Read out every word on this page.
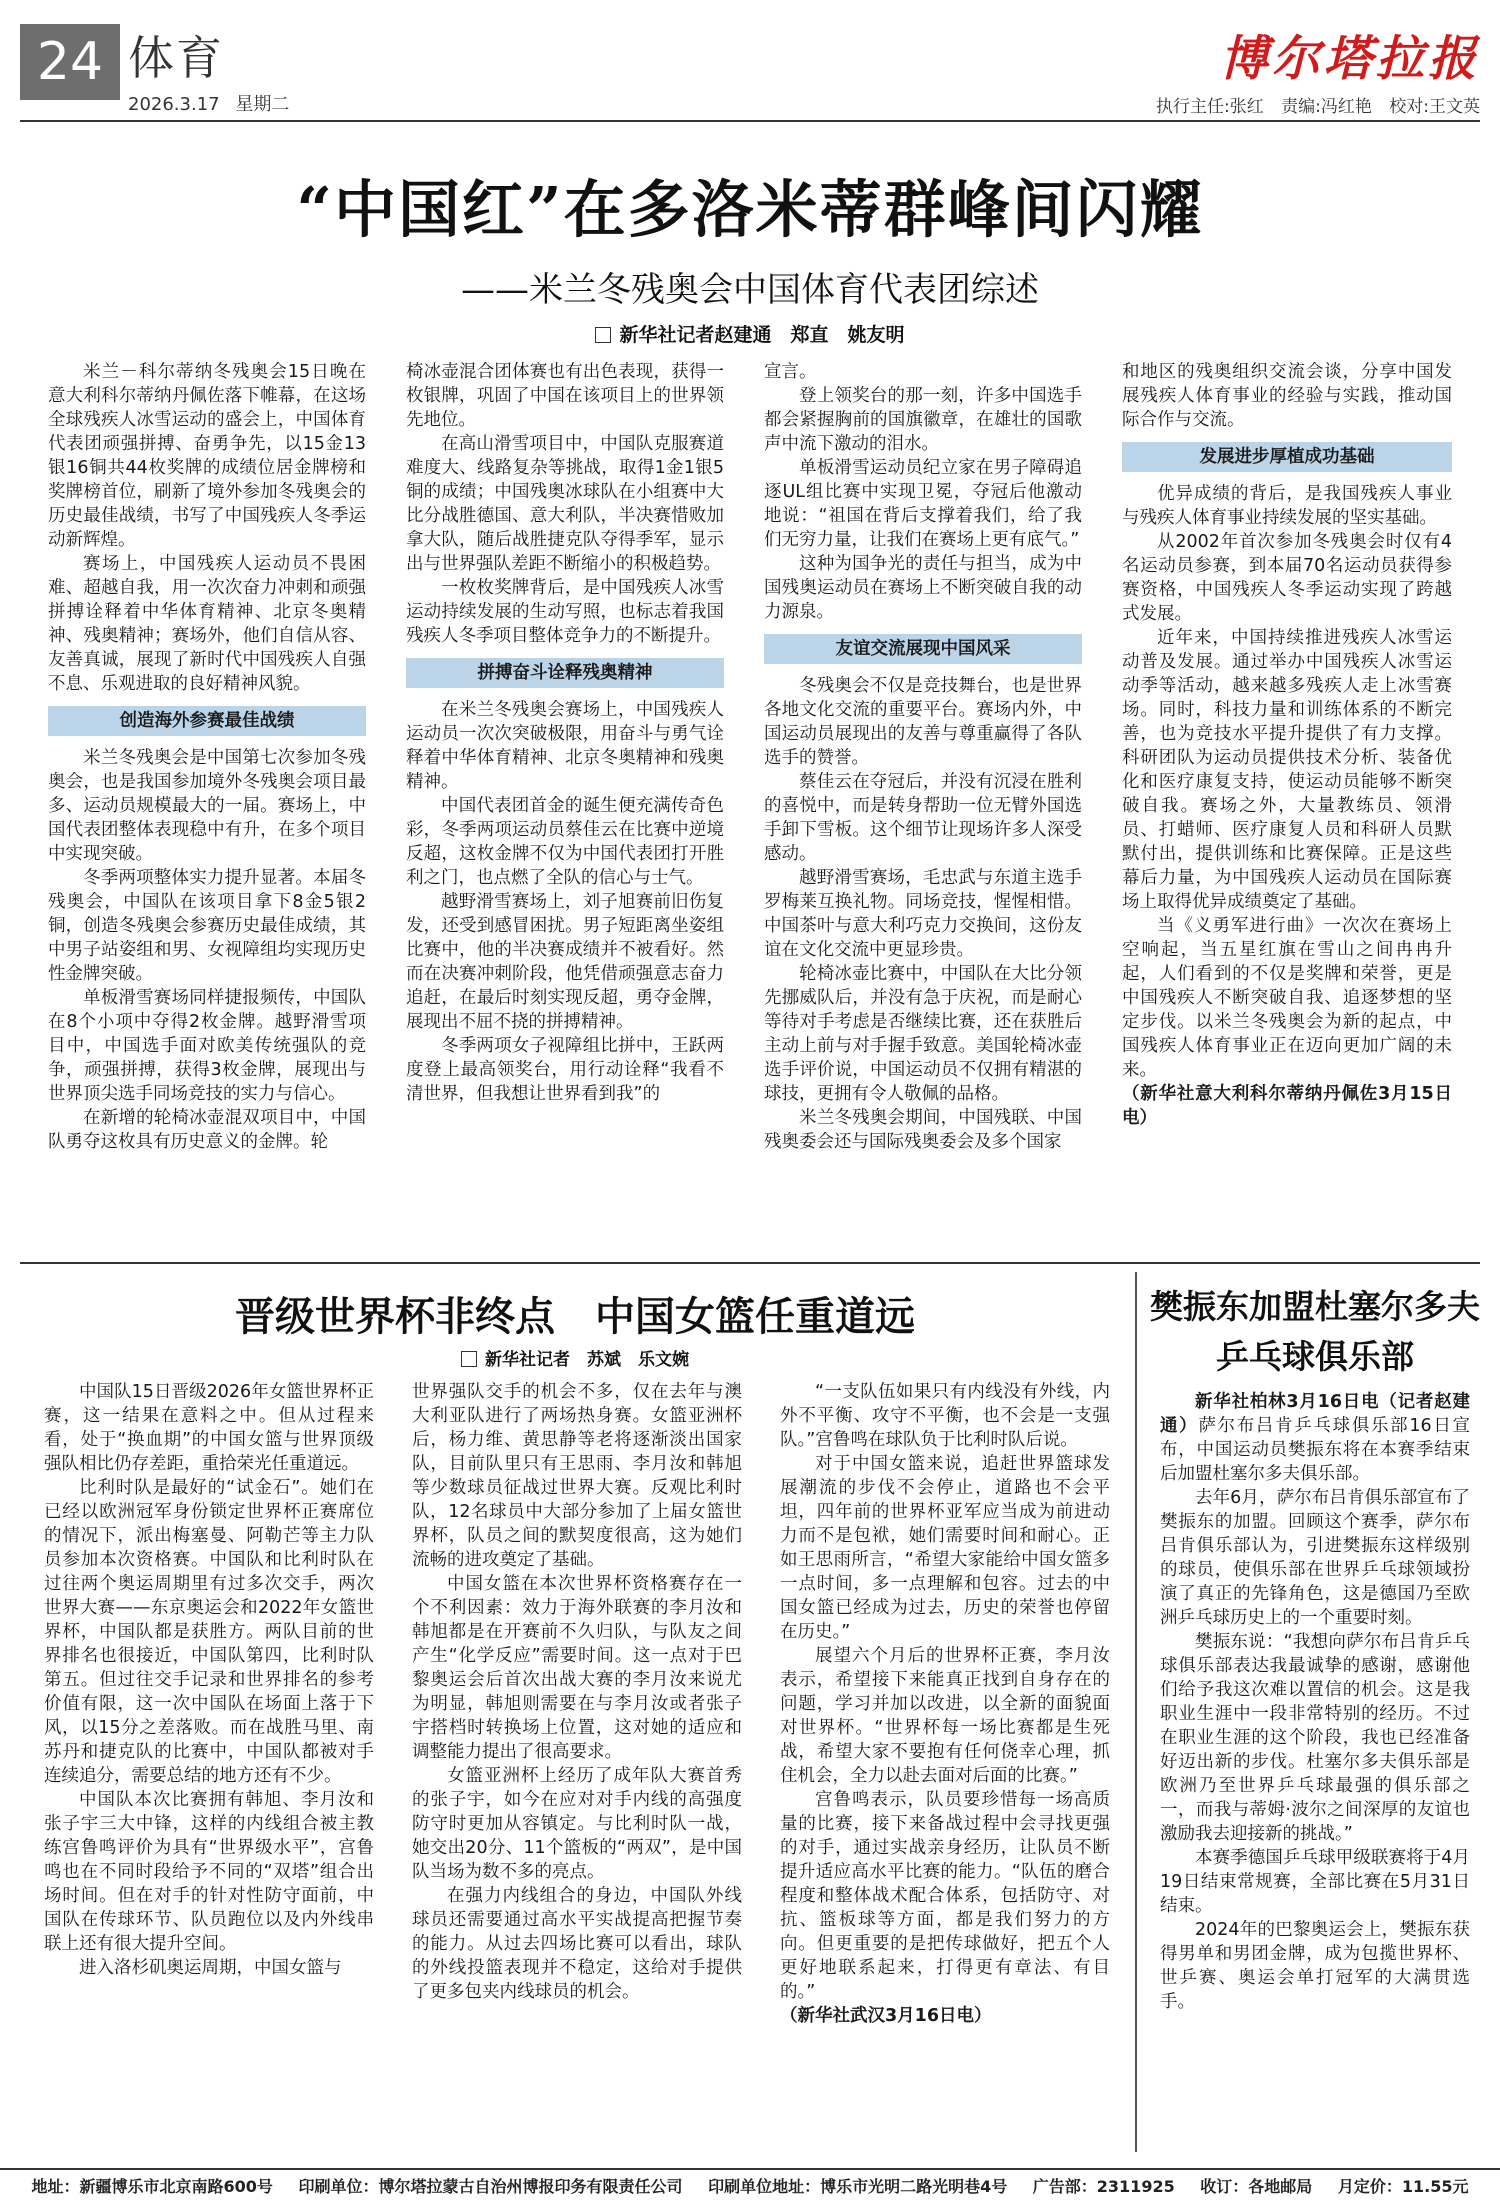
24 体育
2026.3.17 星期二
博尔塔拉报
执行主任:张红 责编:冯红艳 校对:王文英
“中国红”在多洛米蒂群峰间闪耀
——米兰冬残奥会中国体育代表团综述
新华社记者赵建通　郑直　姚友明

米兰－科尔蒂纳冬残奥会15日晚在意大利科尔蒂纳丹佩佐落下帷幕，在这场全球残疾人冰雪运动的盛会上，中国体育代表团顽强拼搏、奋勇争先，以15金13银16铜共44枚奖牌的成绩位居金牌榜和奖牌榜首位，刷新了境外参加冬残奥会的历史最佳战绩，书写了中国残疾人冬季运动新辉煌。

赛场上，中国残疾人运动员不畏困难、超越自我，用一次次奋力冲刺和顽强拼搏诠释着中华体育精神、北京冬奥精神、残奥精神；赛场外，他们自信从容、友善真诚，展现了新时代中国残疾人自强不息、乐观进取的良好精神风貌。

创造海外参赛最佳战绩

米兰冬残奥会是中国第七次参加冬残奥会，也是我国参加境外冬残奥会项目最多、运动员规模最大的一届。赛场上，中国代表团整体表现稳中有升，在多个项目中实现突破。

冬季两项整体实力提升显著。本届冬残奥会，中国队在该项目拿下8金5银2铜，创造冬残奥会参赛历史最佳成绩，其中男子站姿组和男、女视障组均实现历史性金牌突破。

单板滑雪赛场同样捷报频传，中国队在8个小项中夺得2枚金牌。越野滑雪项目中，中国选手面对欧美传统强队的竞争，顽强拼搏，获得3枚金牌，展现出与世界顶尖选手同场竞技的实力与信心。

在新增的轮椅冰壶混双项目中，中国队勇夺这枚具有历史意义的金牌。轮

椅冰壶混合团体赛也有出色表现，获得一枚银牌，巩固了中国在该项目上的世界领先地位。

在高山滑雪项目中，中国队克服赛道难度大、线路复杂等挑战，取得1金1银5铜的成绩；中国残奥冰球队在小组赛中大比分战胜德国、意大利队，半决赛惜败加拿大队，随后战胜捷克队夺得季军，显示出与世界强队差距不断缩小的积极趋势。

一枚枚奖牌背后，是中国残疾人冰雪运动持续发展的生动写照，也标志着我国残疾人冬季项目整体竞争力的不断提升。

拼搏奋斗诠释残奥精神

在米兰冬残奥会赛场上，中国残疾人运动员一次次突破极限，用奋斗与勇气诠释着中华体育精神、北京冬奥精神和残奥精神。

中国代表团首金的诞生便充满传奇色彩，冬季两项运动员蔡佳云在比赛中逆境反超，这枚金牌不仅为中国代表团打开胜利之门，也点燃了全队的信心与士气。

越野滑雪赛场上，刘子旭赛前旧伤复发，还受到感冒困扰。男子短距离坐姿组比赛中，他的半决赛成绩并不被看好。然而在决赛冲刺阶段，他凭借顽强意志奋力追赶，在最后时刻实现反超，勇夺金牌，展现出不屈不挠的拼搏精神。

冬季两项女子视障组比拼中，王跃两度登上最高领奖台，用行动诠释“我看不清世界，但我想让世界看到我”的

宣言。

登上领奖台的那一刻，许多中国选手都会紧握胸前的国旗徽章，在雄壮的国歌声中流下激动的泪水。

单板滑雪运动员纪立家在男子障碍追逐UL组比赛中实现卫冕，夺冠后他激动地说：“祖国在背后支撑着我们，给了我们无穷力量，让我们在赛场上更有底气。”

这种为国争光的责任与担当，成为中国残奥运动员在赛场上不断突破自我的动力源泉。

友谊交流展现中国风采

冬残奥会不仅是竞技舞台，也是世界各地文化交流的重要平台。赛场内外，中国运动员展现出的友善与尊重赢得了各队选手的赞誉。

蔡佳云在夺冠后，并没有沉浸在胜利的喜悦中，而是转身帮助一位无臂外国选手卸下雪板。这个细节让现场许多人深受感动。

越野滑雪赛场，毛忠武与东道主选手罗梅莱互换礼物。同场竞技，惺惺相惜。中国茶叶与意大利巧克力交换间，这份友谊在文化交流中更显珍贵。

轮椅冰壶比赛中，中国队在大比分领先挪威队后，并没有急于庆祝，而是耐心等待对手考虑是否继续比赛，还在获胜后主动上前与对手握手致意。美国轮椅冰壶选手评价说，中国运动员不仅拥有精湛的球技，更拥有令人敬佩的品格。

米兰冬残奥会期间，中国残联、中国残奥委会还与国际残奥委会及多个国家

和地区的残奥组织交流会谈，分享中国发展残疾人体育事业的经验与实践，推动国际合作与交流。

发展进步厚植成功基础

优异成绩的背后，是我国残疾人事业与残疾人体育事业持续发展的坚实基础。

从2002年首次参加冬残奥会时仅有4名运动员参赛，到本届70名运动员获得参赛资格，中国残疾人冬季运动实现了跨越式发展。

近年来，中国持续推进残疾人冰雪运动普及发展。通过举办中国残疾人冰雪运动季等活动，越来越多残疾人走上冰雪赛场。同时，科技力量和训练体系的不断完善，也为竞技水平提升提供了有力支撑。科研团队为运动员提供技术分析、装备优化和医疗康复支持，使运动员能够不断突破自我。赛场之外，大量教练员、领滑员、打蜡师、医疗康复人员和科研人员默默付出，提供训练和比赛保障。正是这些幕后力量，为中国残疾人运动员在国际赛场上取得优异成绩奠定了基础。

当《义勇军进行曲》一次次在赛场上空响起，当五星红旗在雪山之间冉冉升起，人们看到的不仅是奖牌和荣誉，更是中国残疾人不断突破自我、追逐梦想的坚定步伐。以米兰冬残奥会为新的起点，中国残疾人体育事业正在迈向更加广阔的未来。

（新华社意大利科尔蒂纳丹佩佐3月15日电）

晋级世界杯非终点　中国女篮任重道远
新华社记者　苏斌　乐文婉

中国队15日晋级2026年女篮世界杯正赛，这一结果在意料之中。但从过程来看，处于“换血期”的中国女篮与世界顶级强队相比仍存差距，重拾荣光任重道远。

比利时队是最好的“试金石”。她们在已经以欧洲冠军身份锁定世界杯正赛席位的情况下，派出梅塞曼、阿勒芒等主力队员参加本次资格赛。中国队和比利时队在过往两个奥运周期里有过多次交手，两次世界大赛——东京奥运会和2022年女篮世界杯，中国队都是获胜方。两队目前的世界排名也很接近，中国队第四，比利时队第五。但过往交手记录和世界排名的参考价值有限，这一次中国队在场面上落于下风，以15分之差落败。而在战胜马里、南苏丹和捷克队的比赛中，中国队都被对手连续追分，需要总结的地方还有不少。

中国队本次比赛拥有韩旭、李月汝和张子宇三大中锋，这样的内线组合被主教练宫鲁鸣评价为具有“世界级水平”，宫鲁鸣也在不同时段给予不同的“双塔”组合出场时间。但在对手的针对性防守面前，中国队在传球环节、队员跑位以及内外线串联上还有很大提升空间。

进入洛杉矶奥运周期，中国女篮与

世界强队交手的机会不多，仅在去年与澳大利亚队进行了两场热身赛。女篮亚洲杯后，杨力维、黄思静等老将逐渐淡出国家队，目前队里只有王思雨、李月汝和韩旭等少数球员征战过世界大赛。反观比利时队，12名球员中大部分参加了上届女篮世界杯，队员之间的默契度很高，这为她们流畅的进攻奠定了基础。

中国女篮在本次世界杯资格赛存在一个不利因素：效力于海外联赛的李月汝和韩旭都是在开赛前不久归队，与队友之间产生“化学反应”需要时间。这一点对于巴黎奥运会后首次出战大赛的李月汝来说尤为明显，韩旭则需要在与李月汝或者张子宇搭档时转换场上位置，这对她的适应和调整能力提出了很高要求。

女篮亚洲杯上经历了成年队大赛首秀的张子宇，如今在应对对手内线的高强度防守时更加从容镇定。与比利时队一战，她交出20分、11个篮板的“两双”，是中国队当场为数不多的亮点。

在强力内线组合的身边，中国队外线球员还需要通过高水平实战提高把握节奏的能力。从过去四场比赛可以看出，球队的外线投篮表现并不稳定，这给对手提供了更多包夹内线球员的机会。

“一支队伍如果只有内线没有外线，内外不平衡、攻守不平衡，也不会是一支强队。”宫鲁鸣在球队负于比利时队后说。

对于中国女篮来说，追赶世界篮球发展潮流的步伐不会停止，道路也不会平坦，四年前的世界杯亚军应当成为前进动力而不是包袱，她们需要时间和耐心。正如王思雨所言，“希望大家能给中国女篮多一点时间，多一点理解和包容。过去的中国女篮已经成为过去，历史的荣誉也停留在历史。”

展望六个月后的世界杯正赛，李月汝表示，希望接下来能真正找到自身存在的问题，学习并加以改进，以全新的面貌面对世界杯。“世界杯每一场比赛都是生死战，希望大家不要抱有任何侥幸心理，抓住机会，全力以赴去面对后面的比赛。”

宫鲁鸣表示，队员要珍惜每一场高质量的比赛，接下来备战过程中会寻找更强的对手，通过实战亲身经历，让队员不断提升适应高水平比赛的能力。“队伍的磨合程度和整体战术配合体系，包括防守、对抗、篮板球等方面，都是我们努力的方向。但更重要的是把传球做好，把五个人更好地联系起来，打得更有章法、有目的。”

（新华社武汉3月16日电）

樊振东加盟杜塞尔多夫
乒乓球俱乐部

新华社柏林3月16日电（记者赵建通）萨尔布吕肯乒乓球俱乐部16日宣布，中国运动员樊振东将在本赛季结束后加盟杜塞尔多夫俱乐部。

去年6月，萨尔布吕肯俱乐部宣布了樊振东的加盟。回顾这个赛季，萨尔布吕肯俱乐部认为，引进樊振东这样级别的球员，使俱乐部在世界乒乓球领域扮演了真正的先锋角色，这是德国乃至欧洲乒乓球历史上的一个重要时刻。

樊振东说：“我想向萨尔布吕肯乒乓球俱乐部表达我最诚挚的感谢，感谢他们给予我这次难以置信的机会。这是我职业生涯中一段非常特别的经历。不过在职业生涯的这个阶段，我也已经准备好迈出新的步伐。杜塞尔多夫俱乐部是欧洲乃至世界乒乓球最强的俱乐部之一，而我与蒂姆·波尔之间深厚的友谊也激励我去迎接新的挑战。”

本赛季德国乒乓球甲级联赛将于4月19日结束常规赛，全部比赛在5月31日结束。

2024年的巴黎奥运会上，樊振东获得男单和男团金牌，成为包揽世界杯、世乒赛、奥运会单打冠军的大满贯选手。

地址：新疆博乐市北京南路600号 印刷单位：博尔塔拉蒙古自治州博报印务有限责任公司 印刷单位地址：博乐市光明二路光明巷4号 广告部：2311925 收订：各地邮局 月定价：11.55元
